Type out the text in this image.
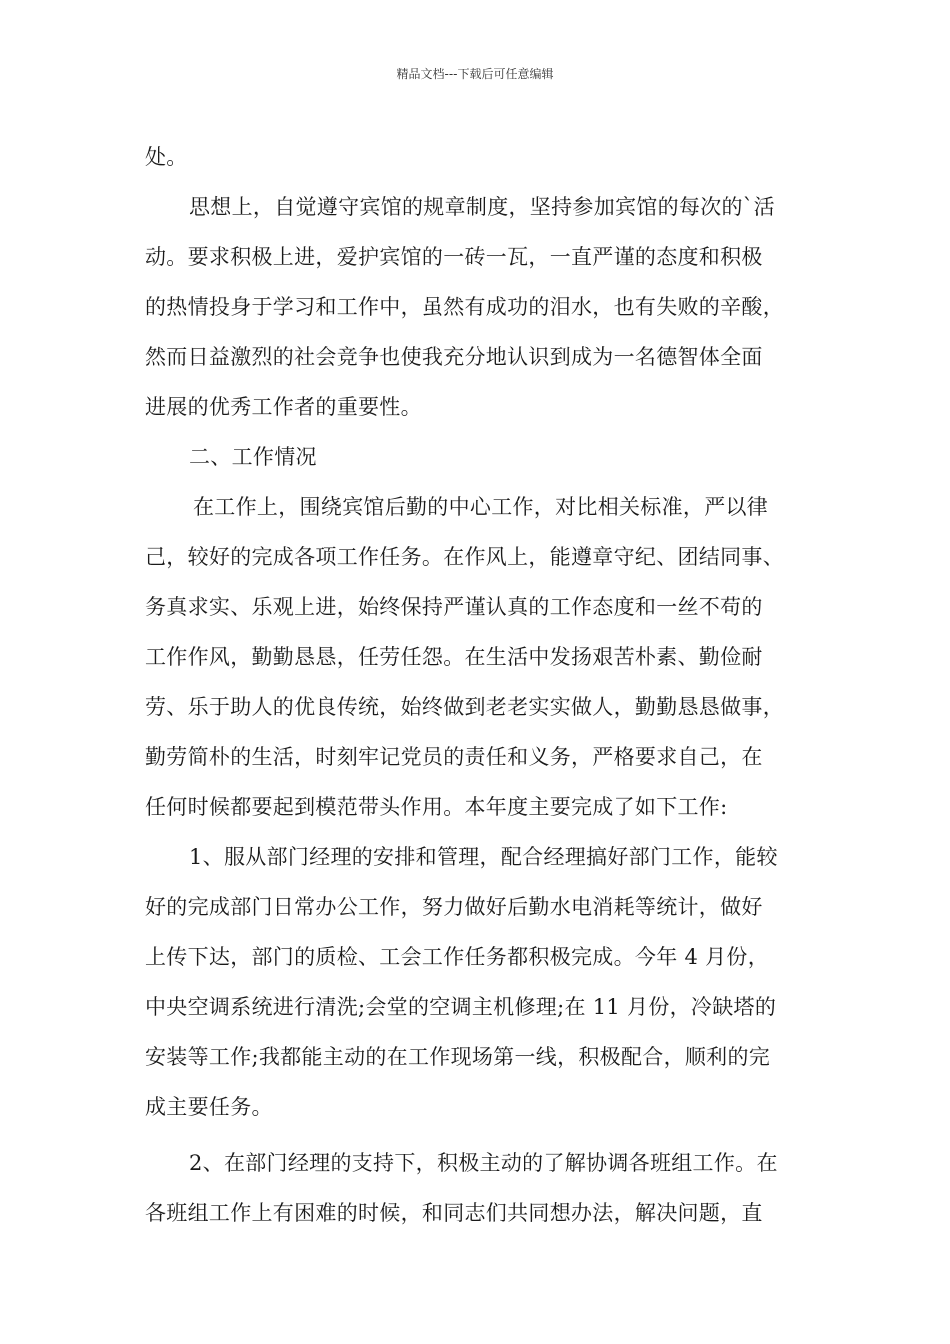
精品文档---下载后可任意编辑
处。
思想上，自觉遵守宾馆的规章制度，坚持参加宾馆的每次的`活
动。要求积极上进，爱护宾馆的一砖一瓦，一直严谨的态度和积极
的热情投身于学习和工作中，虽然有成功的泪水，也有失败的辛酸，
然而日益激烈的社会竞争也使我充分地认识到成为一名德智体全面
进展的优秀工作者的重要性。
二、工作情况
在工作上，围绕宾馆后勤的中心工作，对比相关标准，严以律
己，较好的完成各项工作任务。在作风上，能遵章守纪、团结同事、
务真求实、乐观上进，始终保持严谨认真的工作态度和一丝不苟的
工作作风，勤勤恳恳，任劳任怨。在生活中发扬艰苦朴素、勤俭耐
劳、乐于助人的优良传统，始终做到老老实实做人，勤勤恳恳做事，
勤劳简朴的生活，时刻牢记党员的责任和义务，严格要求自己，在
任何时候都要起到模范带头作用。本年度主要完成了如下工作:
1、服从部门经理的安排和管理，配合经理搞好部门工作，能较
好的完成部门日常办公工作，努力做好后勤水电消耗等统计，做好
上传下达，部门的质检、工会工作任务都积极完成。今年 4 月份，
中央空调系统进行清洗;会堂的空调主机修理;在 11 月份，冷缺塔的
安装等工作;我都能主动的在工作现场第一线，积极配合，顺利的完
成主要任务。
2、在部门经理的支持下，积极主动的了解协调各班组工作。在
各班组工作上有困难的时候，和同志们共同想办法，解决问题，直
